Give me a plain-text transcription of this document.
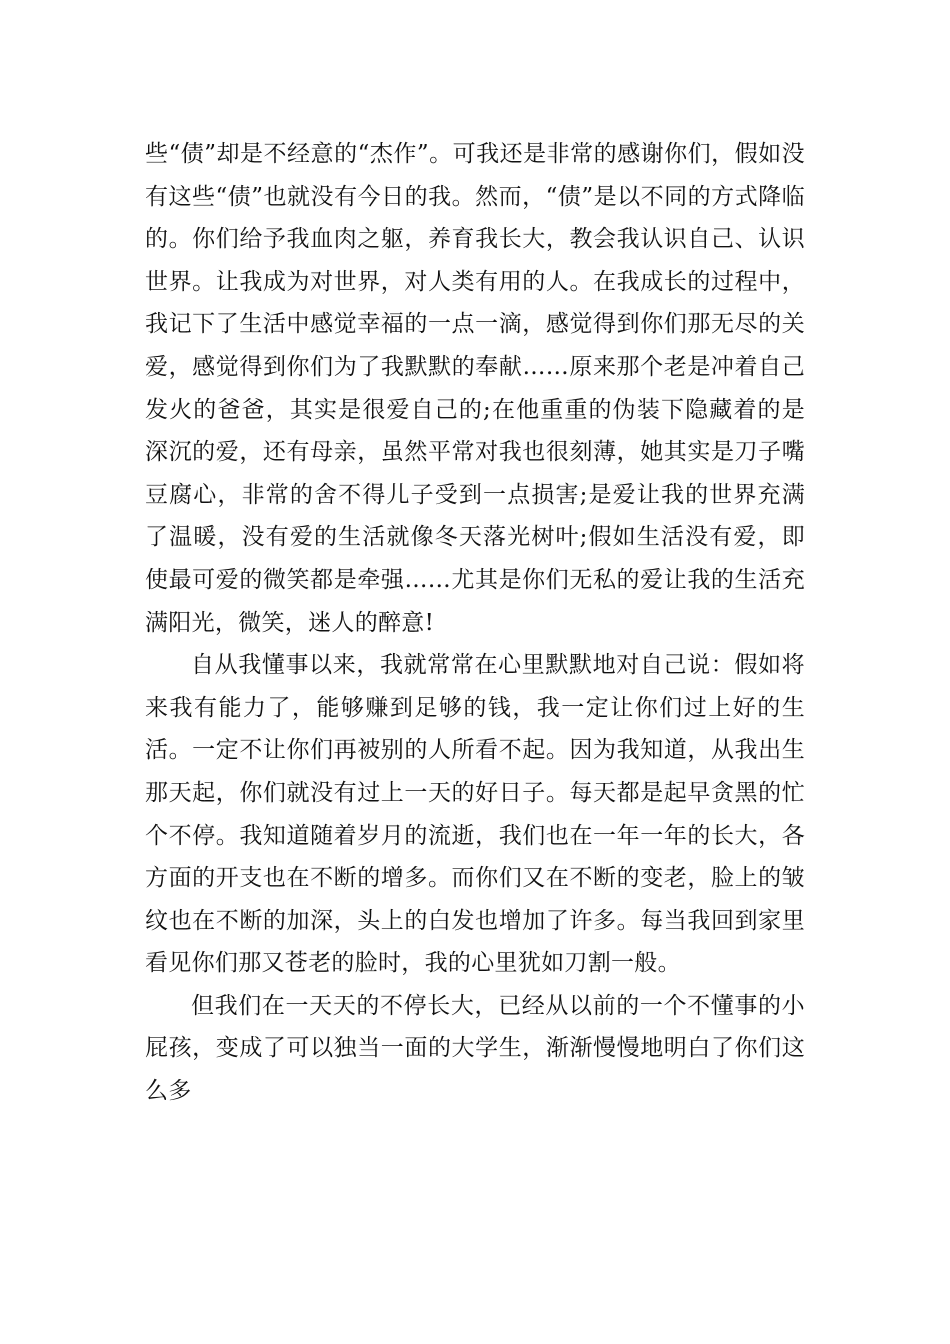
些“债”却是不经意的“杰作”。可我还是非常的感谢你们，假如没有这些“债”也就没有今日的我。然而，“债”是以不同的方式降临的。你们给予我血肉之躯，养育我长大，教会我认识自己、认识世界。让我成为对世界，对人类有用的人。在我成长的过程中，我记下了生活中感觉幸福的一点一滴，感觉得到你们那无尽的关爱，感觉得到你们为了我默默的奉献……原来那个老是冲着自己发火的爸爸，其实是很爱自己的;在他重重的伪装下隐藏着的是深沉的爱，还有母亲，虽然平常对我也很刻薄，她其实是刀子嘴豆腐心，非常的舍不得儿子受到一点损害;是爱让我的世界充满了温暖，没有爱的生活就像冬天落光树叶;假如生活没有爱，即使最可爱的微笑都是牵强……尤其是你们无私的爱让我的生活充满阳光，微笑，迷人的醉意!

自从我懂事以来，我就常常在心里默默地对自己说：假如将来我有能力了，能够赚到足够的钱，我一定让你们过上好的生活。一定不让你们再被别的人所看不起。因为我知道，从我出生那天起，你们就没有过上一天的好日子。每天都是起早贪黑的忙个不停。我知道随着岁月的流逝，我们也在一年一年的长大，各方面的开支也在不断的增多。而你们又在不断的变老，脸上的皱纹也在不断的加深，头上的白发也增加了许多。每当我回到家里看见你们那又苍老的脸时，我的心里犹如刀割一般。

但我们在一天天的不停长大，已经从以前的一个不懂事的小屁孩，变成了可以独当一面的大学生，渐渐慢慢地明白了你们这么多
